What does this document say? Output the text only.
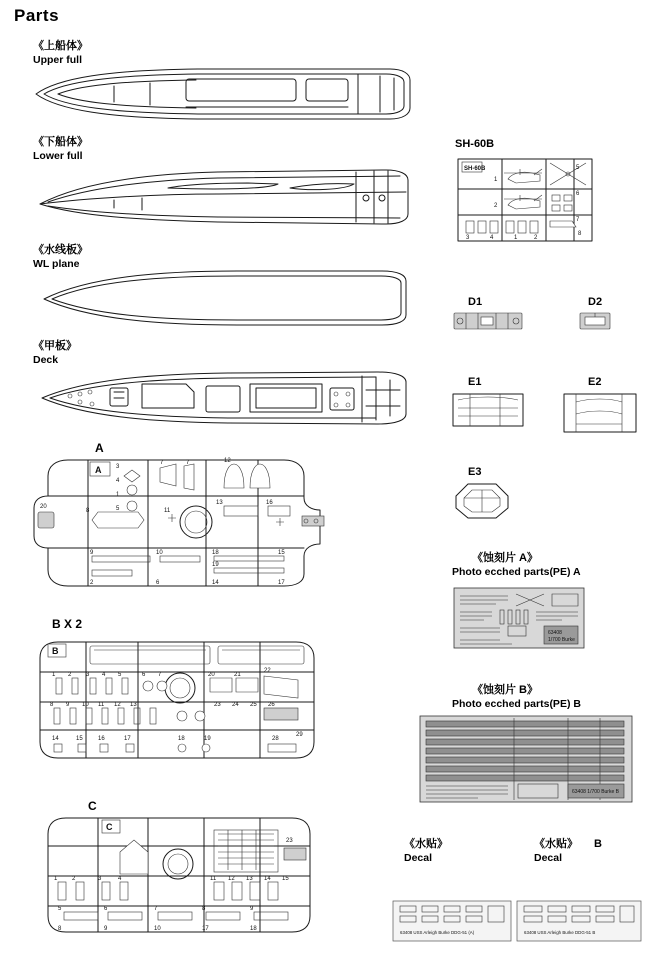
Parts
《上船体》
Upper full
《下船体》
Lower full
《水线板》
WL plane
《甲板》
Deck
A
A 3
4
7	7	12
20
1
5	11
13	16
8
9	10	18
19
15
2	6	14	17
B X 2
B
1 2 3 4 5	6 7	20	21
22
8 9 10 11 12 13	23 24 25 26
14	15	16	17	18	19	28
29
C
C
1 2	3	4	11 12 13 14 15
5	6	7	8	9
8	9	10	17	18
23
SH-60B
SH-60B	5
6
7
8
1
2
3	4	1	2
D1	D2
E1	E2
E3
《蚀刻片 A》
Photo ecched parts(PE) A
63408
1/700 Burke
《蚀刻片 B》
Photo ecched parts(PE) B
63408 1/700 Burke B
《水贴》
Decal
《水贴》 B
Decal
63408 USS Arleigh Burke DDG-51 (A)	63408 USS Arleigh Burke DDG-51 B
